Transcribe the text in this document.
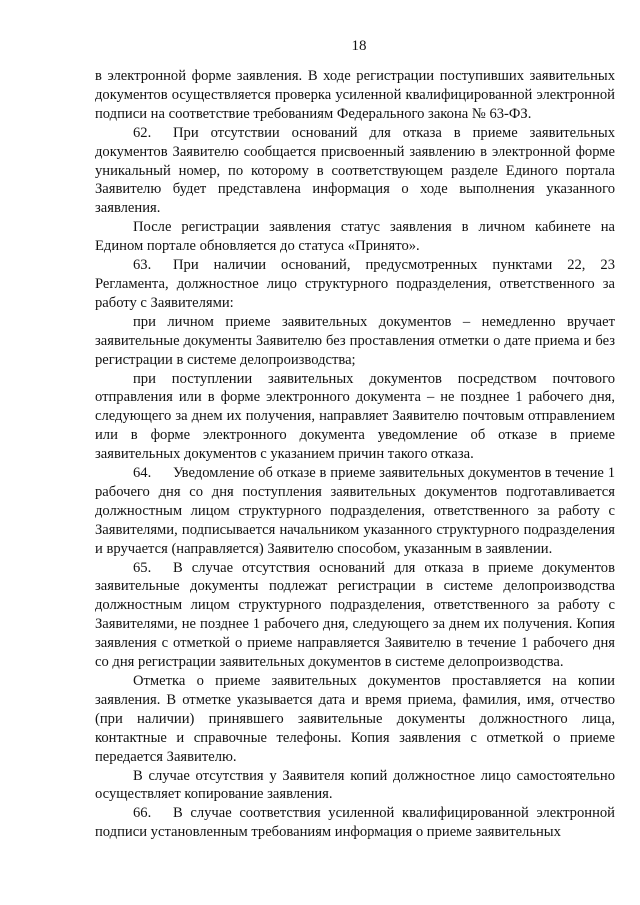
18

в электронной форме заявления. В ходе регистрации поступивших заявительных документов осуществляется проверка усиленной квалифицированной электронной подписи на соответствие требованиям Федерального закона № 63-ФЗ.

62. При отсутствии оснований для отказа в приеме заявительных документов Заявителю сообщается присвоенный заявлению в электронной форме уникальный номер, по которому в соответствующем разделе Единого портала Заявителю будет представлена информация о ходе выполнения указанного заявления.

После регистрации заявления статус заявления в личном кабинете на Едином портале обновляется до статуса «Принято».

63. При наличии оснований, предусмотренных пунктами 22, 23 Регламента, должностное лицо структурного подразделения, ответственного за работу с Заявителями:

при личном приеме заявительных документов – немедленно вручает заявительные документы Заявителю без проставления отметки о дате приема и без регистрации в системе делопроизводства;

при поступлении заявительных документов посредством почтового отправления или в форме электронного документа – не позднее 1 рабочего дня, следующего за днем их получения, направляет Заявителю почтовым отправлением или в форме электронного документа уведомление об отказе в приеме заявительных документов с указанием причин такого отказа.

64. Уведомление об отказе в приеме заявительных документов в течение 1 рабочего дня со дня поступления заявительных документов подготавливается должностным лицом структурного подразделения, ответственного за работу с Заявителями, подписывается начальником указанного структурного подразделения и вручается (направляется) Заявителю способом, указанным в заявлении.

65. В случае отсутствия оснований для отказа в приеме документов заявительные документы подлежат регистрации в системе делопроизводства должностным лицом структурного подразделения, ответственного за работу с Заявителями, не позднее 1 рабочего дня, следующего за днем их получения. Копия заявления с отметкой о приеме направляется Заявителю в течение 1 рабочего дня со дня регистрации заявительных документов в системе делопроизводства.

Отметка о приеме заявительных документов проставляется на копии заявления. В отметке указывается дата и время приема, фамилия, имя, отчество (при наличии) принявшего заявительные документы должностного лица, контактные и справочные телефоны. Копия заявления с отметкой о приеме передается Заявителю.

В случае отсутствия у Заявителя копий должностное лицо самостоятельно осуществляет копирование заявления.

66. В случае соответствия усиленной квалифицированной электронной подписи установленным требованиям информация о приеме заявительных
